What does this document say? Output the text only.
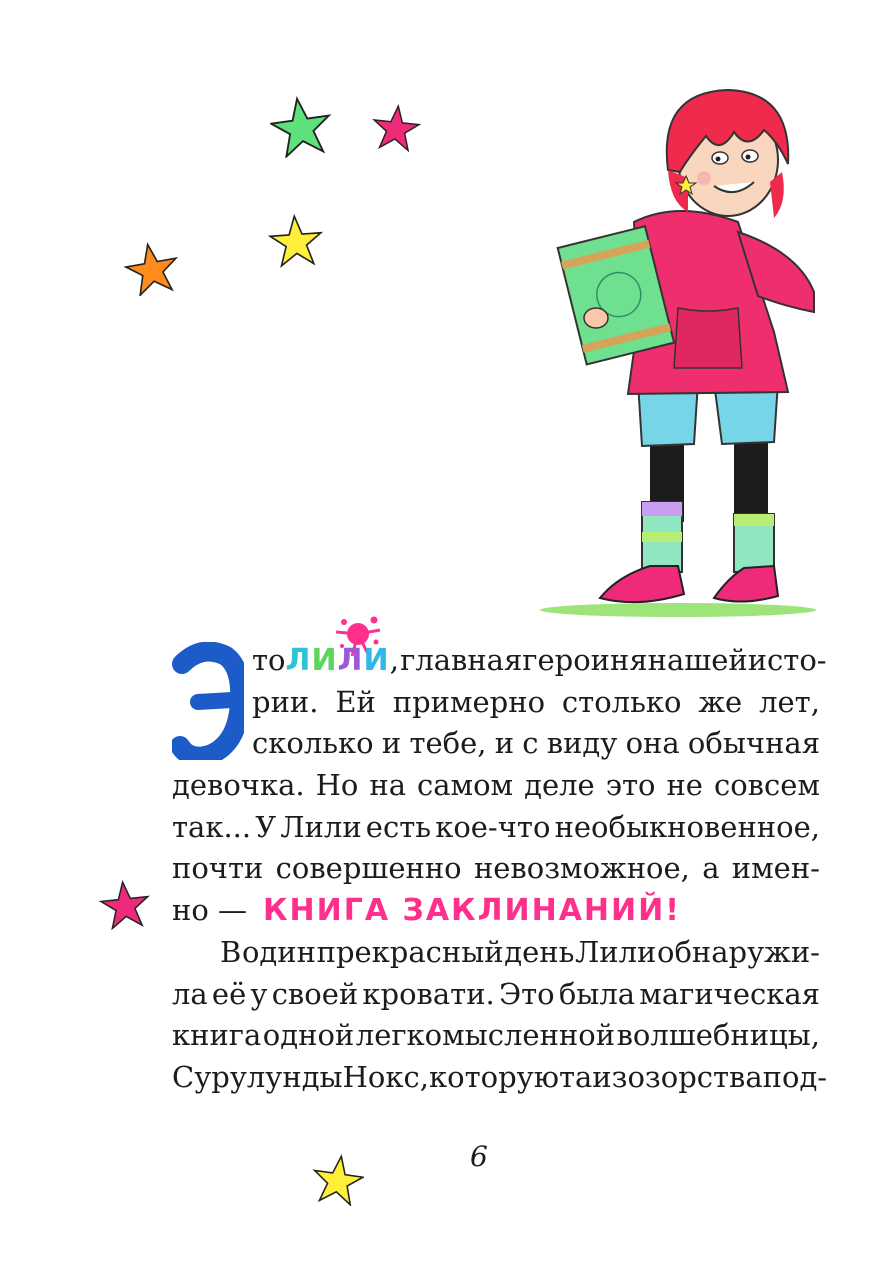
то ЛИЛИ, главная героиня нашей исто-
рии. Ей примерно столько же лет,
сколько и тебе, и с виду она обычная
девочка. Но на самом деле это не совсем
так... У Лили есть кое-что необыкновенное,
почти совершенно невозможное, а имен-
но — КНИГА ЗАКЛИНАНИЙ!
В один прекрасный день Лили обнаружи-
ла её у своей кровати. Это была магическая
книга одной легкомысленной волшебницы,
Сурулунды Нокс, которую та из озорства под-
6
